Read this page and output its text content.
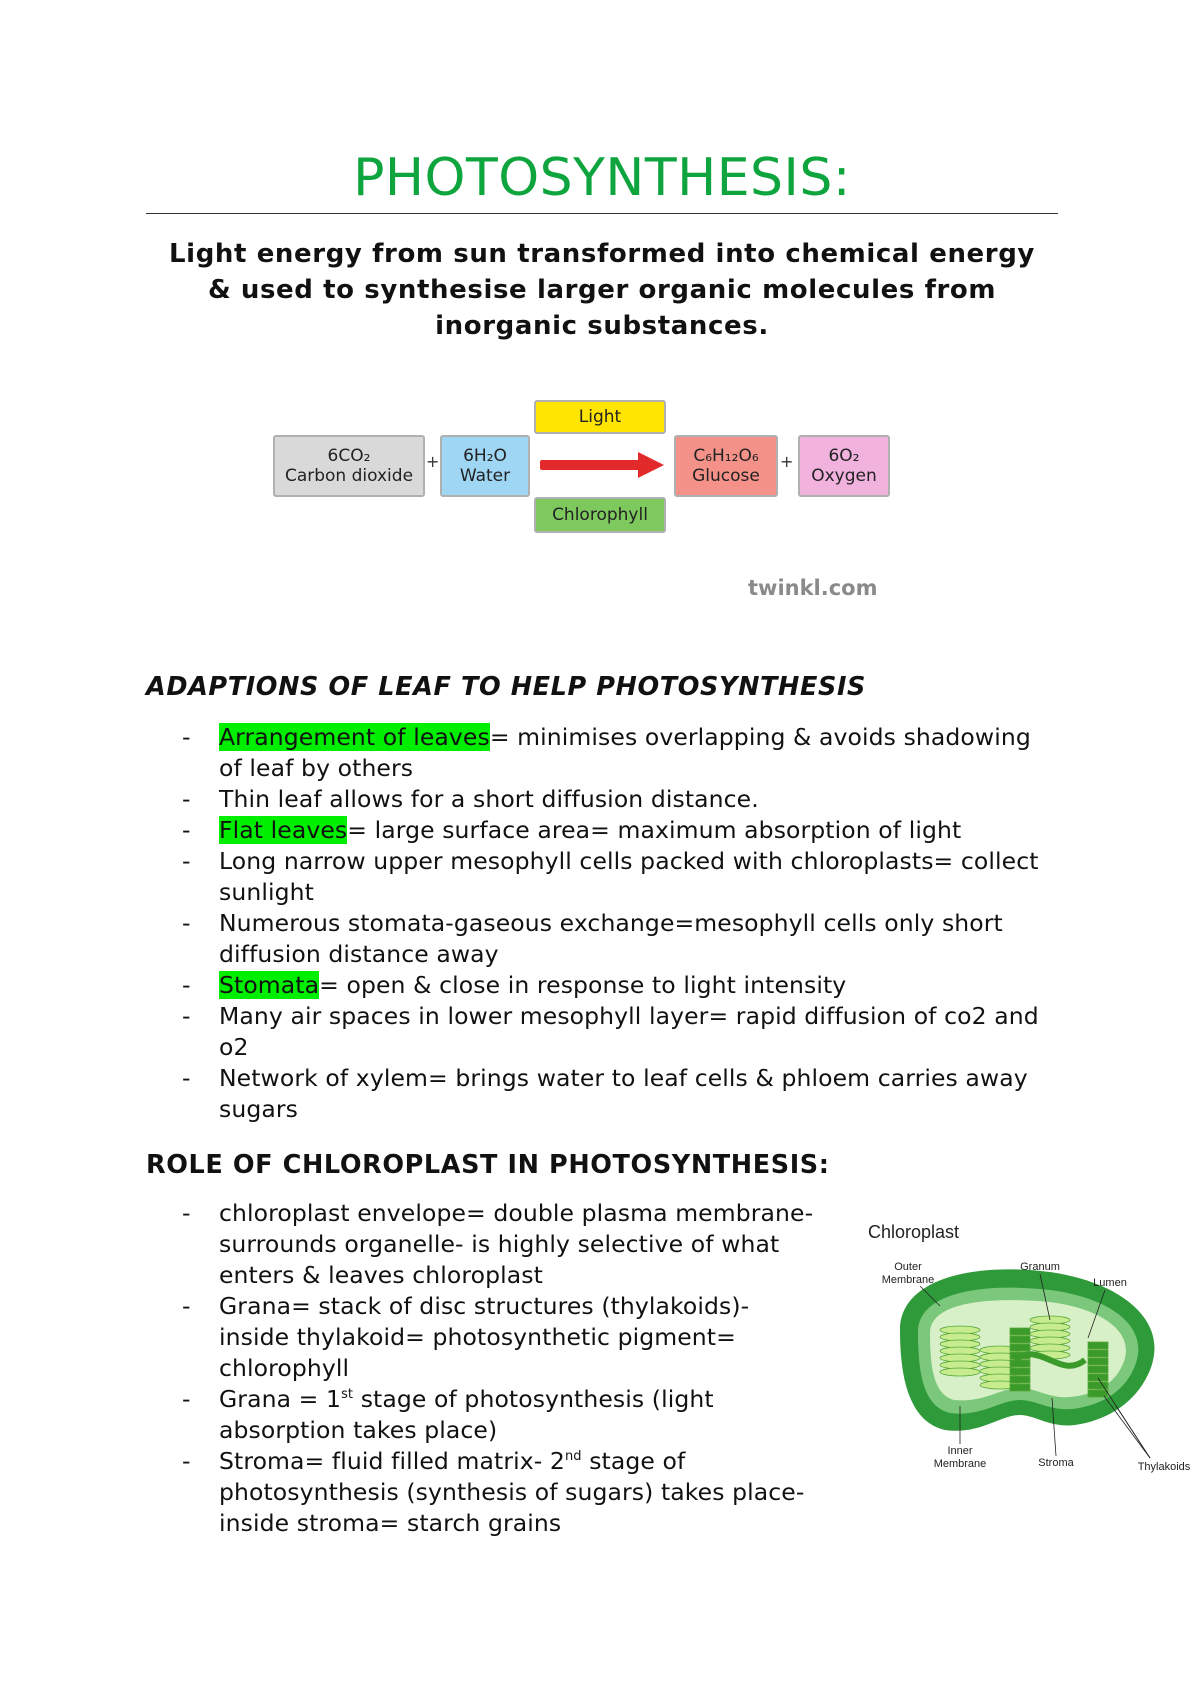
PHOTOSYNTHESIS:
Light energy from sun transformed into chemical energy
& used to synthesise larger organic molecules from
inorganic substances.
6CO₂
Carbon dioxide
+	6H₂O
Water
Light
Chlorophyll
C₆H₁₂O₆
Glucose
+	6O₂
Oxygen
twinkl.com
ADAPTIONS OF LEAF TO HELP PHOTOSYNTHESIS
- Arrangement of leaves= minimises overlapping & avoids shadowing
of leaf by others
- Thin leaf allows for a short diffusion distance.
- Flat leaves= large surface area= maximum absorption of light
- Long narrow upper mesophyll cells packed with chloroplasts= collect
sunlight
- Numerous stomata-gaseous exchange=mesophyll cells only short
diffusion distance away
- Stomata= open & close in response to light intensity
- Many air spaces in lower mesophyll layer= rapid diffusion of co2 and
o2
- Network of xylem= brings water to leaf cells & phloem carries away
sugars
ROLE OF CHLOROPLAST IN PHOTOSYNTHESIS:
- chloroplast envelope= double plasma membrane-
surrounds organelle- is highly selective of what
enters & leaves chloroplast
- Grana= stack of disc structures (thylakoids)-
inside thylakoid= photosynthetic pigment=
chlorophyll
- Grana = 1st stage of photosynthesis (light
absorption takes place)
- Stroma= fluid filled matrix- 2nd stage of
photosynthesis (synthesis of sugars) takes place-
inside stroma= starch grains
Chloroplast
Outer
Membrane
Granum
Lumen
Inner
Membrane	Stroma	Thylakoids
